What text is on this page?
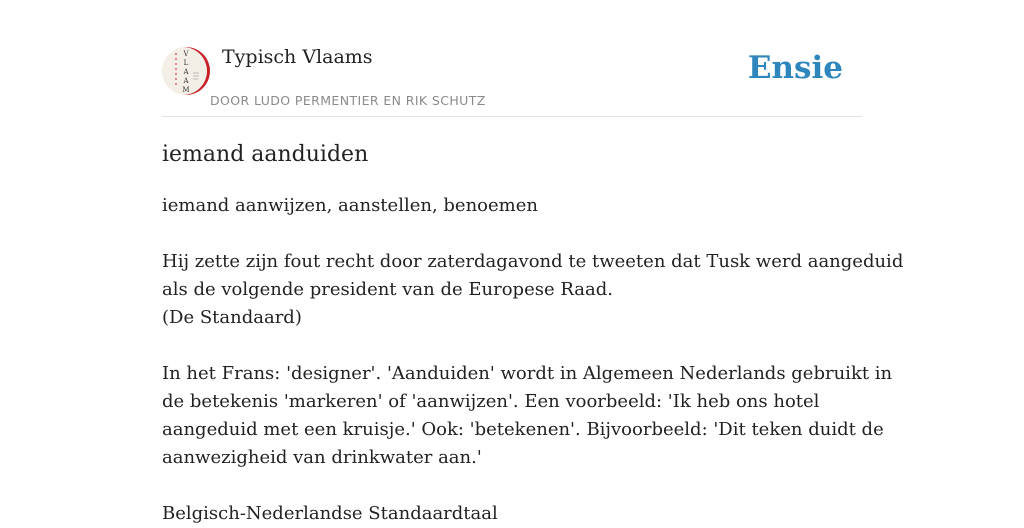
V
L
A
A
M
Typisch Vlaams
DOOR LUDO PERMENTIER EN RIK SCHUTZ
Ensie
iemand aanduiden
iemand aanwijzen, aanstellen, benoemen
Hij zette zijn fout recht door zaterdagavond te tweeten dat Tusk werd aangeduid
als de volgende president van de Europese Raad.
(De Standaard)
In het Frans: 'designer'. 'Aanduiden' wordt in Algemeen Nederlands gebruikt in
de betekenis 'markeren' of 'aanwijzen'. Een voorbeeld: 'Ik heb ons hotel
aangeduid met een kruisje.' Ook: 'betekenen'. Bijvoorbeeld: 'Dit teken duidt de
aanwezigheid van drinkwater aan.'
Belgisch-Nederlandse Standaardtaal
